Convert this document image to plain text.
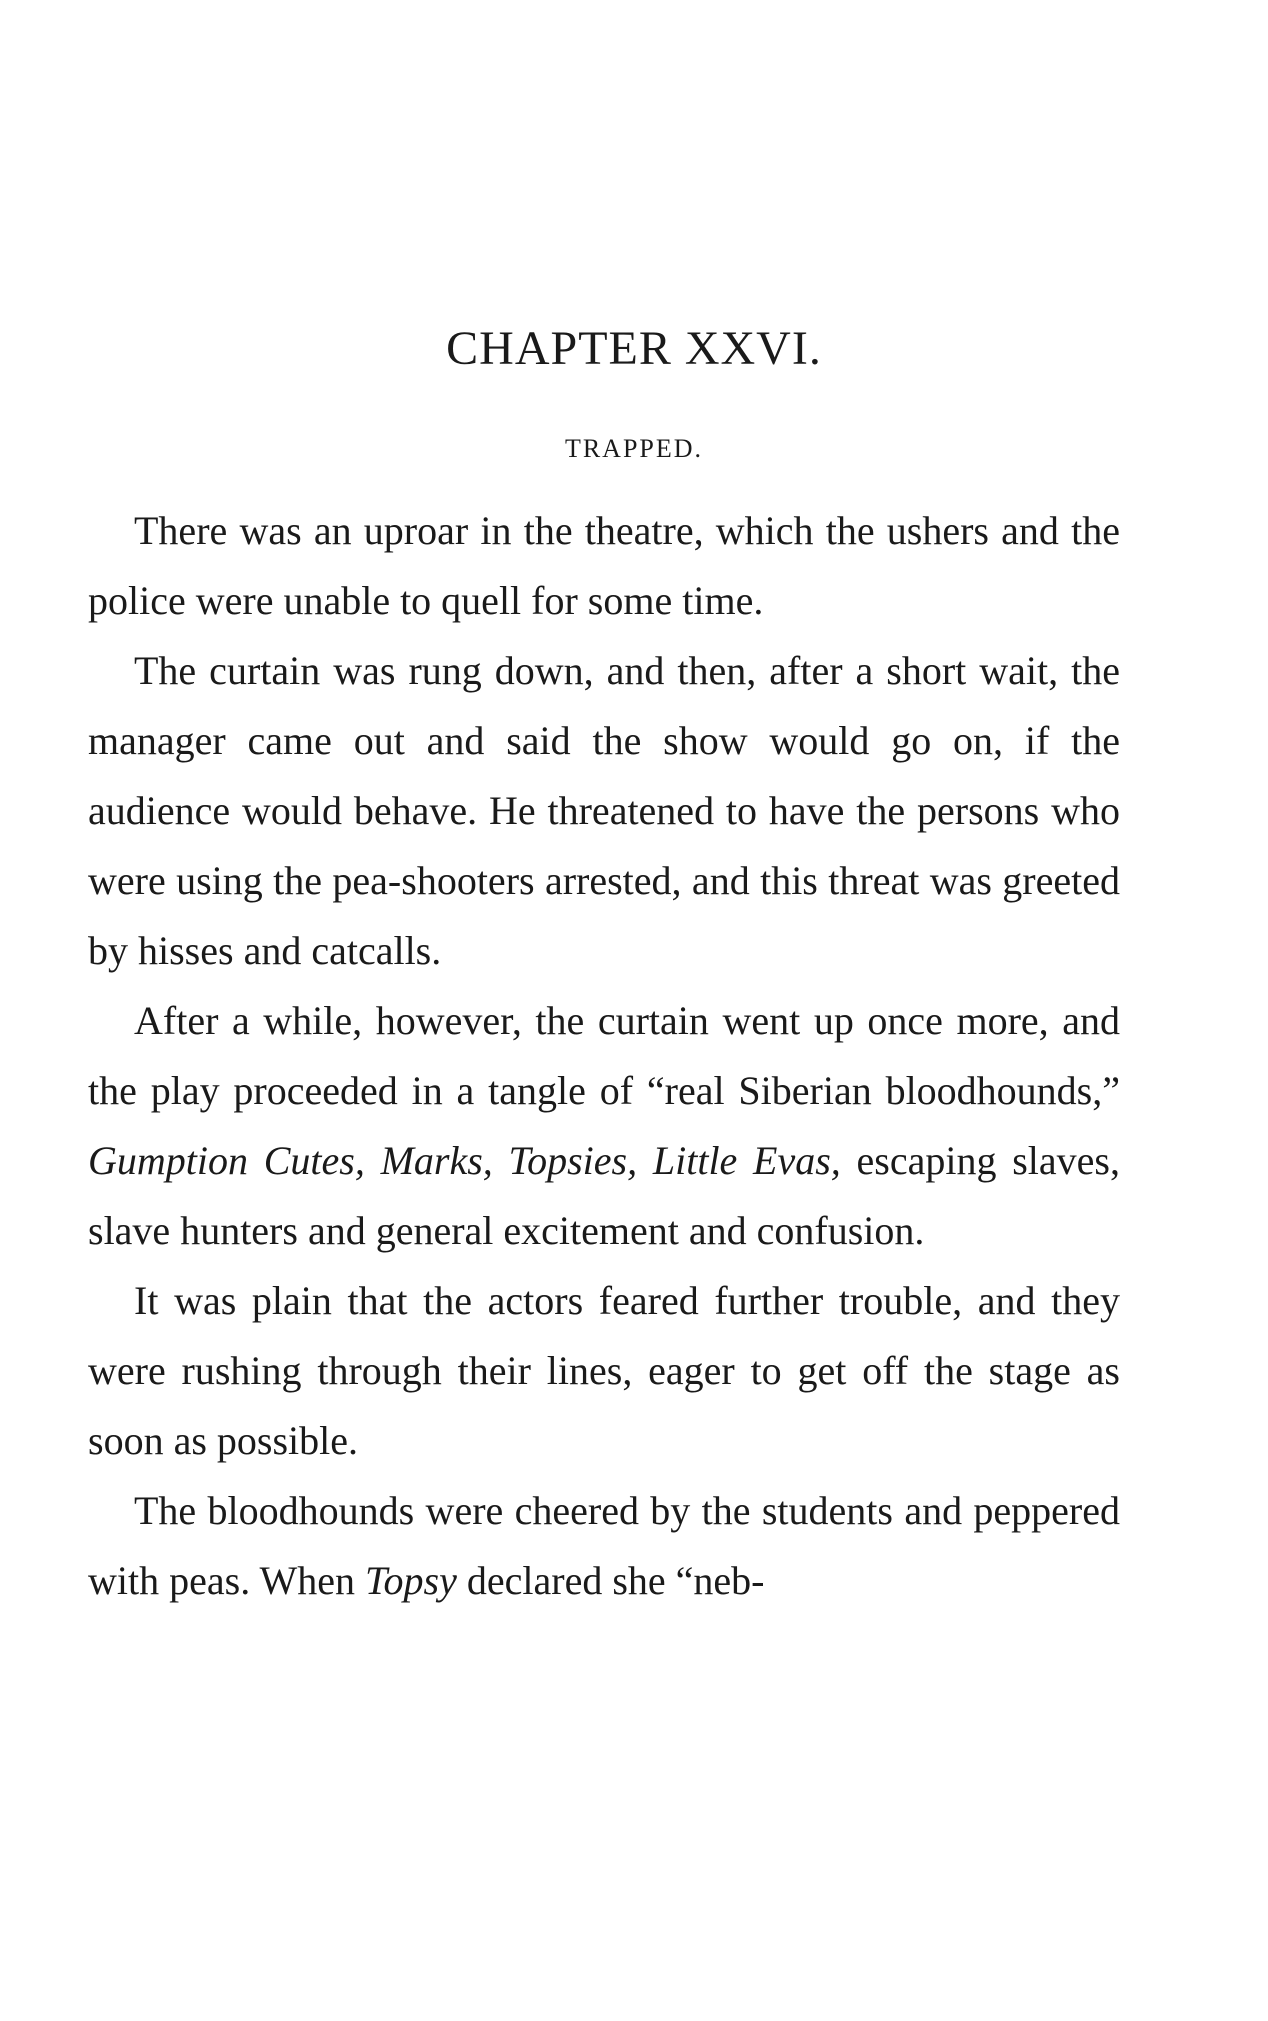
CHAPTER XXVI.
TRAPPED.

There was an uproar in the theatre, which the ushers and the police were unable to quell for some time.

The curtain was rung down, and then, after a short wait, the manager came out and said the show would go on, if the audience would behave. He threatened to have the persons who were using the pea-shooters arrested, and this threat was greeted by hisses and catcalls.

After a while, however, the curtain went up once more, and the play proceeded in a tangle of “real Siberian bloodhounds,” Gumption Cutes, Marks, Topsies, Little Evas, escaping slaves, slave hunters and general excitement and confusion.

It was plain that the actors feared further trouble, and they were rushing through their lines, eager to get off the stage as soon as possible.

The bloodhounds were cheered by the students and peppered with peas. When Topsy declared she “neb-
